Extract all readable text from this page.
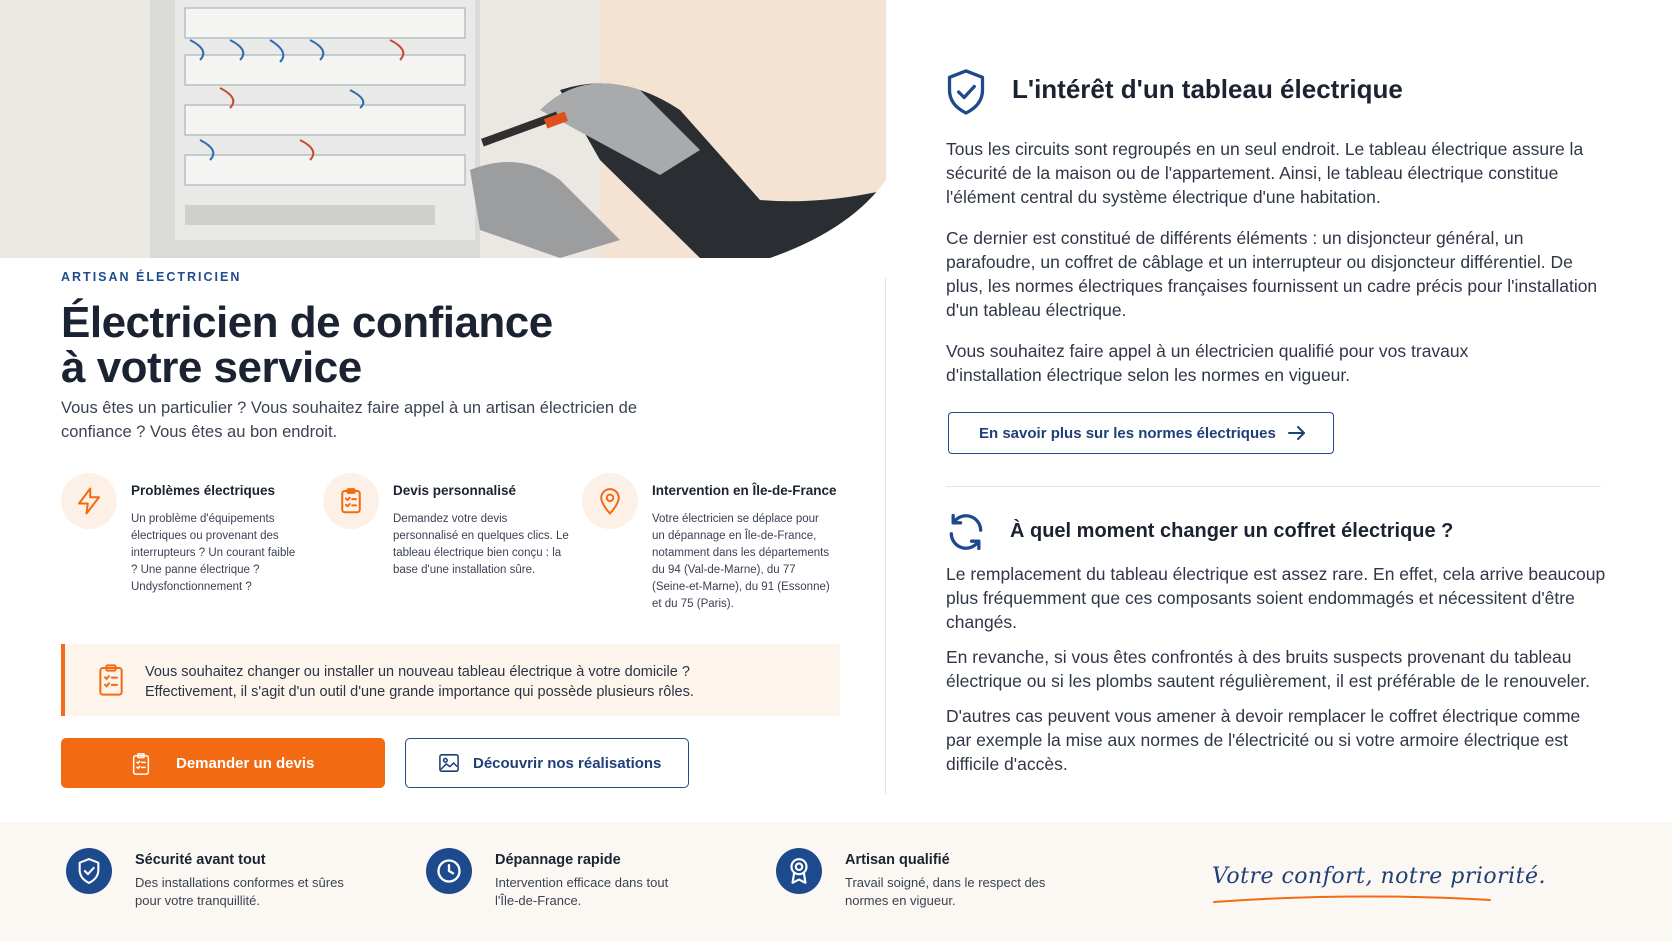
ARTISAN ÉLECTRICIEN
Électricien de confiance
à votre service

Vous êtes un particulier ? Vous souhaitez faire appel à un artisan électricien de confiance ? Vous êtes au bon endroit.

Problèmes électriques

Un problème d'équipements électriques ou provenant des interrupteurs ? Un courant faible ? Une panne électrique ? Undysfonctionnement ?

Devis personnalisé

Demandez votre devis personnalisé en quelques clics. Le tableau électrique bien conçu : la base d'une installation sûre.

Intervention en Île-de-France

Votre électricien se déplace pour un dépannage en Île-de-France, notamment dans les départements du 94 (Val-de-Marne), du 77 (Seine-et-Marne), du 91 (Essonne) et du 75 (Paris).

Vous souhaitez changer ou installer un nouveau tableau électrique à votre domicile ?
Effectivement, il s'agit d'un outil d'une grande importance qui possède plusieurs rôles.

Demander un devis	Découvrir nos réalisations
L'intérêt d'un tableau électrique

Tous les circuits sont regroupés en un seul endroit. Le tableau électrique assure la sécurité de la maison ou de l'appartement. Ainsi, le tableau électrique constitue l'élément central du système électrique d'une habitation.

Ce dernier est constitué de différents éléments : un disjoncteur général, un parafoudre, un coffret de câblage et un interrupteur ou disjoncteur différentiel. De plus, les normes électriques françaises fournissent un cadre précis pour l'installation d'un tableau électrique.

Vous souhaitez faire appel à un électricien qualifié pour vos travaux d'installation électrique selon les normes en vigueur.

En savoir plus sur les normes électriques
À quel moment changer un coffret électrique ?

Le remplacement du tableau électrique est assez rare. En effet, cela arrive beaucoup plus fréquemment que ces composants soient endommagés et nécessitent d'être changés.

En revanche, si vous êtes confrontés à des bruits suspects provenant du tableau électrique ou si les plombs sautent régulièrement, il est préférable de le renouveler.

D'autres cas peuvent vous amener à devoir remplacer le coffret électrique comme par exemple la mise aux normes de l'électricité ou si votre armoire électrique est difficile d'accès.

Sécurité avant tout

Des installations conformes et sûres
pour votre tranquillité.

Dépannage rapide

Intervention efficace dans tout
l'Île-de-France.

Artisan qualifié

Travail soigné, dans le respect des
normes en vigueur.

Votre confort, notre priorité.
